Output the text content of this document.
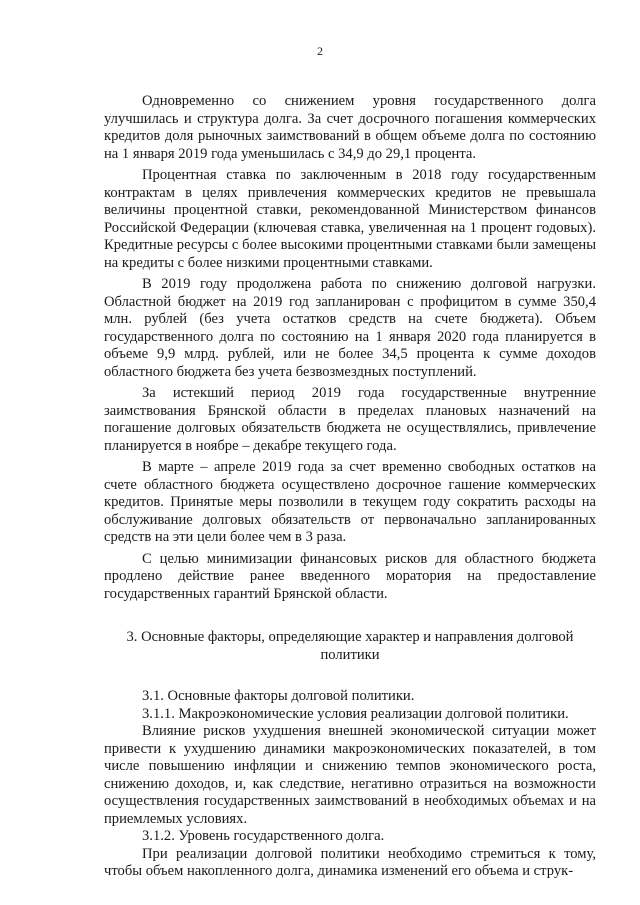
2

Одновременно со снижением уровня государственного долга улучшилась и структура долга. За счет досрочного погашения коммерческих кредитов доля рыночных заимствований в общем объеме долга по состоянию на 1 января 2019 года уменьшилась с 34,9 до 29,1 процента.

Процентная ставка по заключенным в 2018 году государственным контрактам в целях привлечения коммерческих кредитов не превышала величины процентной ставки, рекомендованной Министерством финансов Российской Федерации (ключевая ставка, увеличенная на 1 процент годовых). Кредитные ресурсы с более высокими процентными ставками были замещены на кредиты с более низкими процентными ставками.

В 2019 году продолжена работа по снижению долговой нагрузки. Областной бюджет на 2019 год запланирован с профицитом в сумме 350,4 млн. рублей (без учета остатков средств на счете бюджета). Объем государственного долга по состоянию на 1 января 2020 года планируется в объеме 9,9 млрд. рублей, или не более 34,5 процента к сумме доходов областного бюджета без учета безвозмездных поступлений.

За истекший период 2019 года государственные внутренние заимствования Брянской области в пределах плановых назначений на погашение долговых обязательств бюджета не осуществлялись, привлечение планируется в ноябре – декабре текущего года.

В марте – апреле 2019 года за счет временно свободных остатков на счете областного бюджета осуществлено досрочное гашение коммерческих кредитов. Принятые меры позволили в текущем году сократить расходы на обслуживание долговых обязательств от первоначально запланированных средств на эти цели более чем в 3 раза.

С целью минимизации финансовых рисков для областного бюджета продлено действие ранее введенного моратория на предоставление государственных гарантий Брянской области.

3. Основные факторы, определяющие характер и направления долговой политики

3.1. Основные факторы долговой политики.

3.1.1. Макроэкономические условия реализации долговой политики.

Влияние рисков ухудшения внешней экономической ситуации может привести к ухудшению динамики макроэкономических показателей, в том числе повышению инфляции и снижению темпов экономического роста, снижению доходов, и, как следствие, негативно отразиться на возможности осуществления государственных заимствований в необходимых объемах и на приемлемых условиях.

3.1.2. Уровень государственного долга.

При реализации долговой политики необходимо стремиться к тому, чтобы объем накопленного долга, динамика изменений его объема и струк-
